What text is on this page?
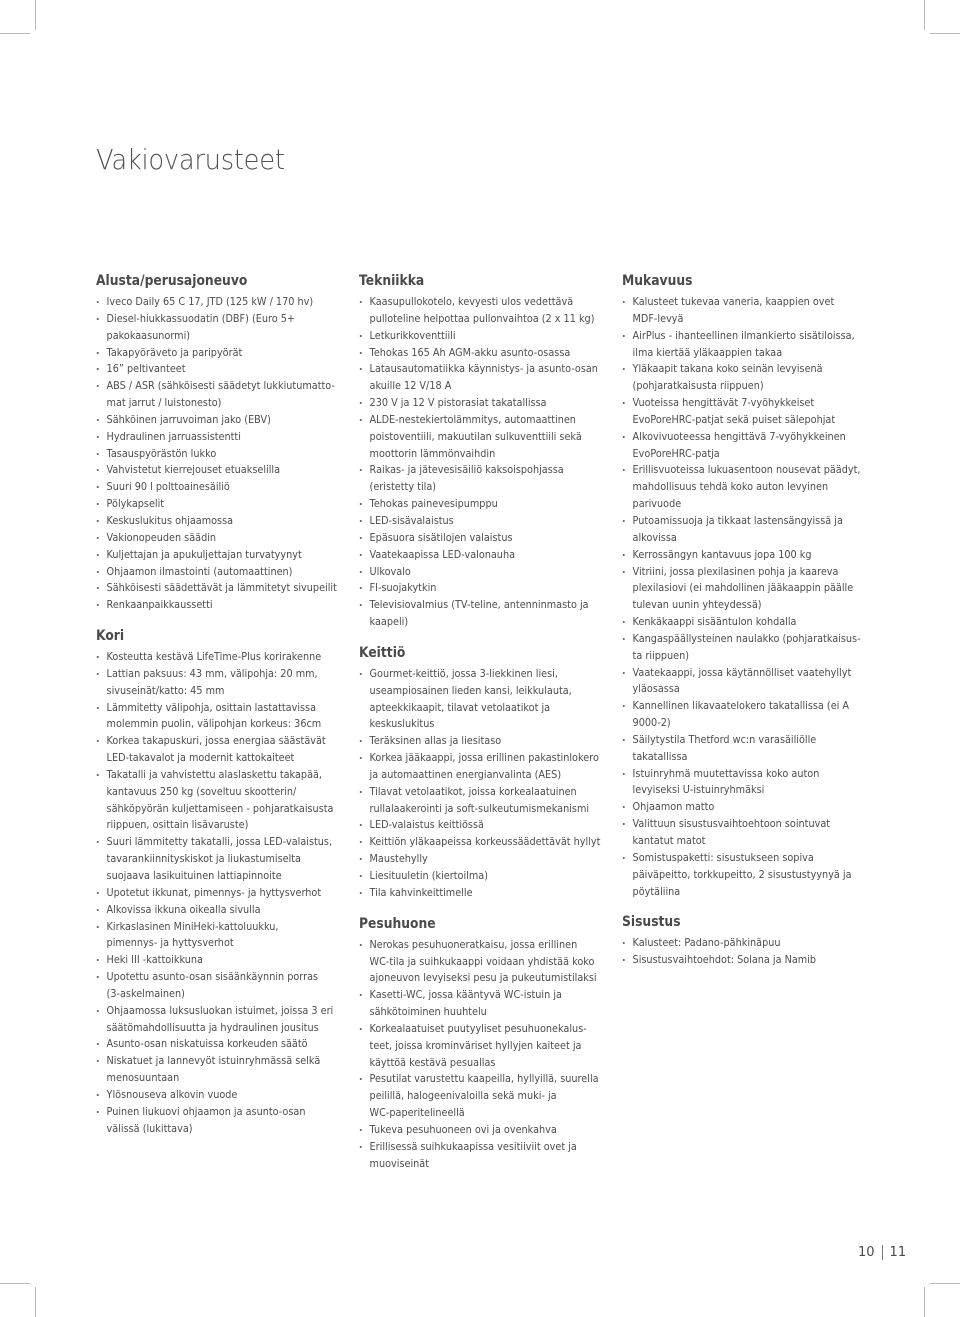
Vakiovarusteet
Alusta/perusajoneuvo
Iveco Daily 65 C 17, JTD (125 kW / 170 hv)
Diesel-hiukkassuodatin (DBF) (Euro 5+
pakokaasunormi)
Takapyöräveto ja paripyörät
16” peltivanteet
ABS / ASR (sähköisesti säädetyt lukkiutumatto-
mat jarrut / luistonesto)
Sähköinen jarruvoiman jako (EBV)
Hydraulinen jarruassistentti
Tasauspyörästön lukko
Vahvistetut kierrejouset etuakselilla
Suuri 90 l polttoainesäiliö
Pölykapselit
Keskuslukitus ohjaamossa
Vakionopeuden säädin
Kuljettajan ja apukuljettajan turvatyynyt
Ohjaamon ilmastointi (automaattinen)
Sähköisesti säädettävät ja lämmitetyt sivupeilit
Renkaanpaikkaussetti
Kori
Kosteutta kestävä LifeTime-Plus korirakenne
Lattian paksuus: 43 mm, välipohja: 20 mm,
sivuseinät/katto: 45 mm
Lämmitetty välipohja, osittain lastattavissa
molemmin puolin, välipohjan korkeus: 36cm
Korkea takapuskuri, jossa energiaa säästävät
LED-takavalot ja modernit kattokaiteet
Takatalli ja vahvistettu alaslaskettu takapää,
kantavuus 250 kg (soveltuu skootterin/
sähköpyörän kuljettamiseen - pohjaratkaisusta
riippuen, osittain lisävaruste)
Suuri lämmitetty takatalli, jossa LED-valaistus,
tavarankiinnityskiskot ja liukastumiselta
suojaava lasikuituinen lattiapinnoite
Upotetut ikkunat, pimennys- ja hyttysverhot
Alkovissa ikkuna oikealla sivulla
Kirkaslasinen MiniHeki-kattoluukku,
pimennys- ja hyttysverhot
Heki III -kattoikkuna
Upotettu asunto-osan sisäänkäynnin porras
(3-askelmainen)
Ohjaamossa luksusluokan istuimet, joissa 3 eri
säätömahdollisuutta ja hydraulinen jousitus
Asunto-osan niskatuissa korkeuden säätö
Niskatuet ja lannevyöt istuinryhmässä selkä
menosuuntaan
Ylösnouseva alkovin vuode
Puinen liukuovi ohjaamon ja asunto-osan
välissä (lukittava)
Tekniikka
Kaasupullokotelo, kevyesti ulos vedettävä
pulloteline helpottaa pullonvaihtoa (2 x 11 kg)
Letkurikkoventtiili
Tehokas 165 Ah AGM-akku asunto-osassa
Latausautomatiikka käynnistys- ja asunto-osan
akuille 12 V/18 A
230 V ja 12 V pistorasiat takatallissa
ALDE-nestekiertolämmitys, automaattinen
poistoventiili, makuutilan sulkuventtiili sekä
moottorin lämmönvaihdin
Raikas- ja jätevesisäiliö kaksoispohjassa
(eristetty tila)
Tehokas painevesipumppu
LED-sisävalaistus
Epäsuora sisätilojen valaistus
Vaatekaapissa LED-valonauha
Ulkovalo
FI-suojakytkin
Televisiovalmius (TV-teline, antenninmasto ja
kaapeli)
Keittiö
Gourmet-keittiö, jossa 3-liekkinen liesi,
useampiosainen lieden kansi, leikkulauta,
apteekkikaapit, tilavat vetolaatikot ja
keskuslukitus
Teräksinen allas ja liesitaso
Korkea jääkaappi, jossa erillinen pakastinlokero
ja automaattinen energianvalinta (AES)
Tilavat vetolaatikot, joissa korkealaatuinen
rullalaakerointi ja soft-sulkeutumismekanismi
LED-valaistus keittiössä
Keittiön yläkaapeissa korkeussäädettävät hyllyt
Maustehylly
Liesituuletin (kiertoilma)
Tila kahvinkeittimelle
Pesuhuone
Nerokas pesuhuoneratkaisu, jossa erillinen
WC-tila ja suihkukaappi voidaan yhdistää koko
ajoneuvon levyiseksi pesu ja pukeutumistilaksi
Kasetti-WC, jossa kääntyvä WC-istuin ja
sähkötoiminen huuhtelu
Korkealaatuiset puutyyliset pesuhuonekalus-
teet, joissa krominväriset hyllyjen kaiteet ja
käyttöä kestävä pesuallas
Pesutilat varustettu kaapeilla, hyllyillä, suurella
peilillä, halogeenivaloilla sekä muki- ja
WC-paperitelineellä
Tukeva pesuhuoneen ovi ja ovenkahva
Erillisessä suihkukaapissa vesitiiviit ovet ja
muoviseinät
Mukavuus
Kalusteet tukevaa vaneria, kaappien ovet
MDF-levyä
AirPlus - ihanteellinen ilmankierto sisätiloissa,
ilma kiertää yläkaappien takaa
Yläkaapit takana koko seinän levyisenä
(pohjaratkaisusta riippuen)
Vuoteissa hengittävät 7-vyöhykkeiset
EvoPoreHRC-patjat sekä puiset sälepohjat
Alkovivuoteessa hengittävä 7-vyöhykkeinen
EvoPoreHRC-patja
Erillisvuoteissa lukuasentoon nousevat päädyt,
mahdollisuus tehdä koko auton levyinen
parivuode
Putoamissuoja ja tikkaat lastensängyissä ja
alkovissa
Kerrossängyn kantavuus jopa 100 kg
Vitriini, jossa plexilasinen pohja ja kaareva
plexilasiovi (ei mahdollinen jääkaappin päälle
tulevan uunin yhteydessä)
Kenkäkaappi sisääntulon kohdalla
Kangaspäällysteinen naulakko (pohjaratkaisus-
ta riippuen)
Vaatekaappi, jossa käytännölliset vaatehyllyt
yläosassa
Kannellinen likavaatelokero takatallissa (ei A
9000-2)
Säilytystila Thetford wc:n varasäiliölle
takatallissa
Istuinryhmä muutettavissa koko auton
levyiseksi U-istuinryhmäksi
Ohjaamon matto
Valittuun sisustusvaihtoehtoon sointuvat
kantatut matot
Somistuspaketti: sisustukseen sopiva
päiväpeitto, torkkupeitto, 2 sisustustyynyä ja
pöytäliina
Sisustus
Kalusteet: Padano-pähkinäpuu
Sisustusvaihtoehdot: Solana ja Namib
10 11
